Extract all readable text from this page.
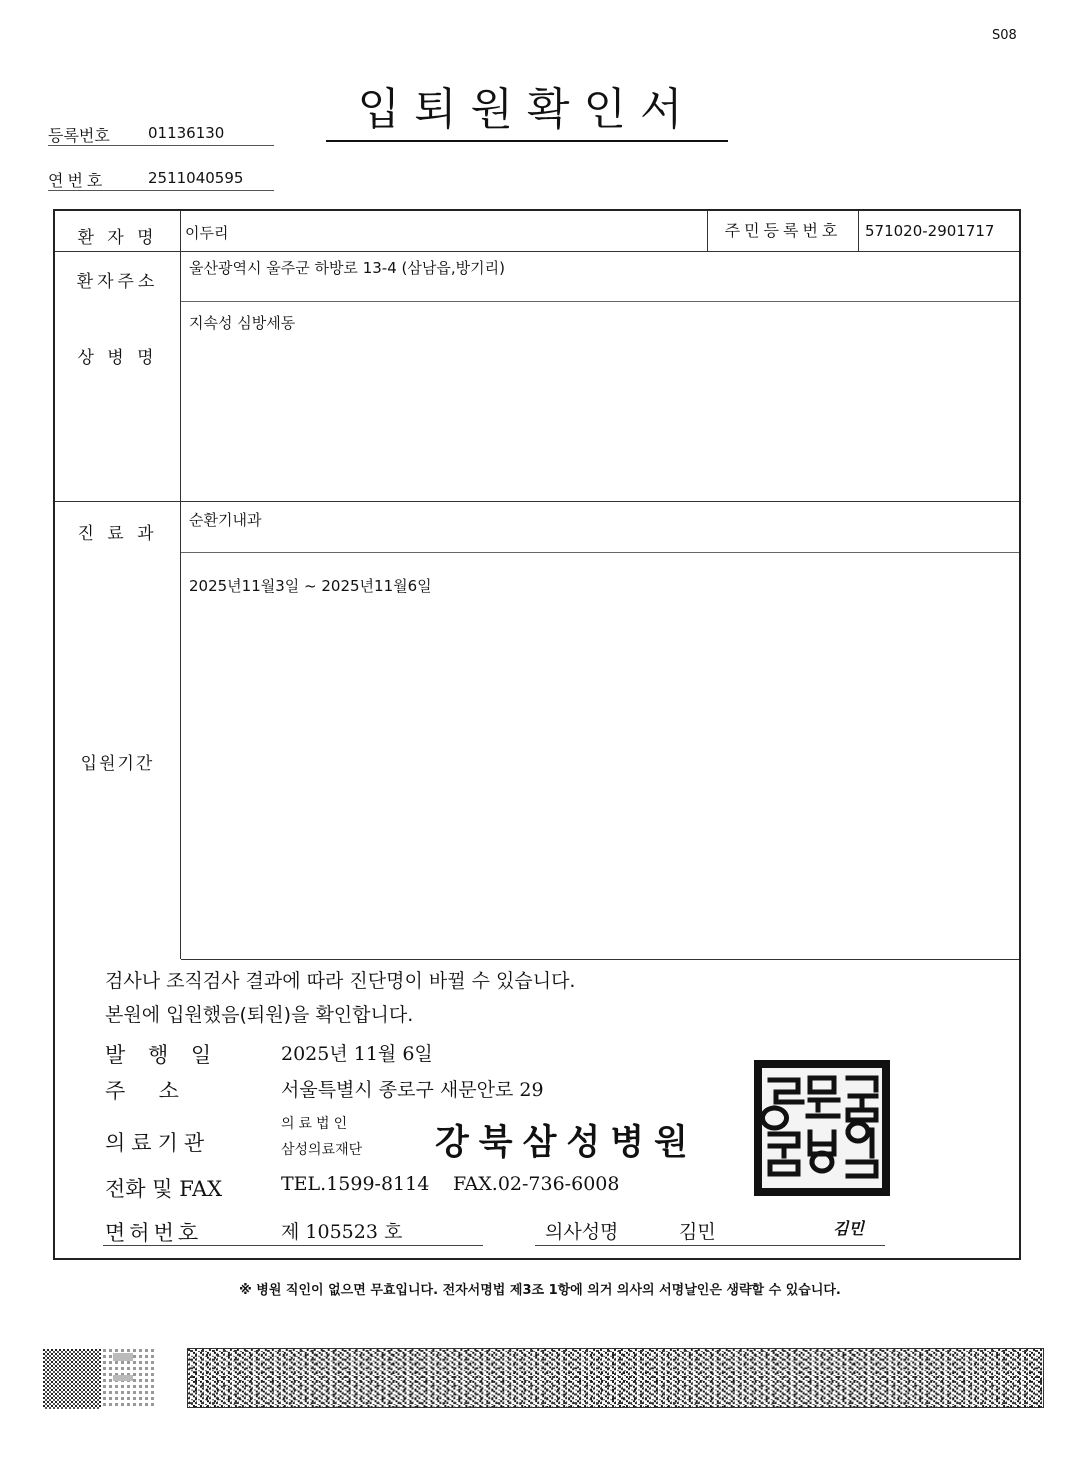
S08
입퇴원확인서
등록번호	01136130
연번호	2511040595
환 자 명	이두리	주민등록번호	571020-2901717
환자주소
울산광역시 울주군 하방로 13-4 (삼남읍,방기리)
상 병 명
지속성 심방세동
진 료 과
순환기내과
입원기간
2025년11월3일 ~ 2025년11월6일
검사나 조직검사 결과에 따라 진단명이 바뀔 수 있습니다.
본원에 입원했음(퇴원)을 확인합니다.
발 행 일	2025년 11월 6일
주     소	서울특별시 종로구 새문안로 29
의료기관
의료법인
삼성의료재단 강북삼성병원
전화 및 FAX	TEL.1599-8114 FAX.02-736-6008
면허번호	제 105523 호	의사성명	김민	김민
※ 병원 직인이 없으면 무효입니다. 전자서명법 제3조 1항에 의거 의사의 서명날인은 생략할 수 있습니다.
